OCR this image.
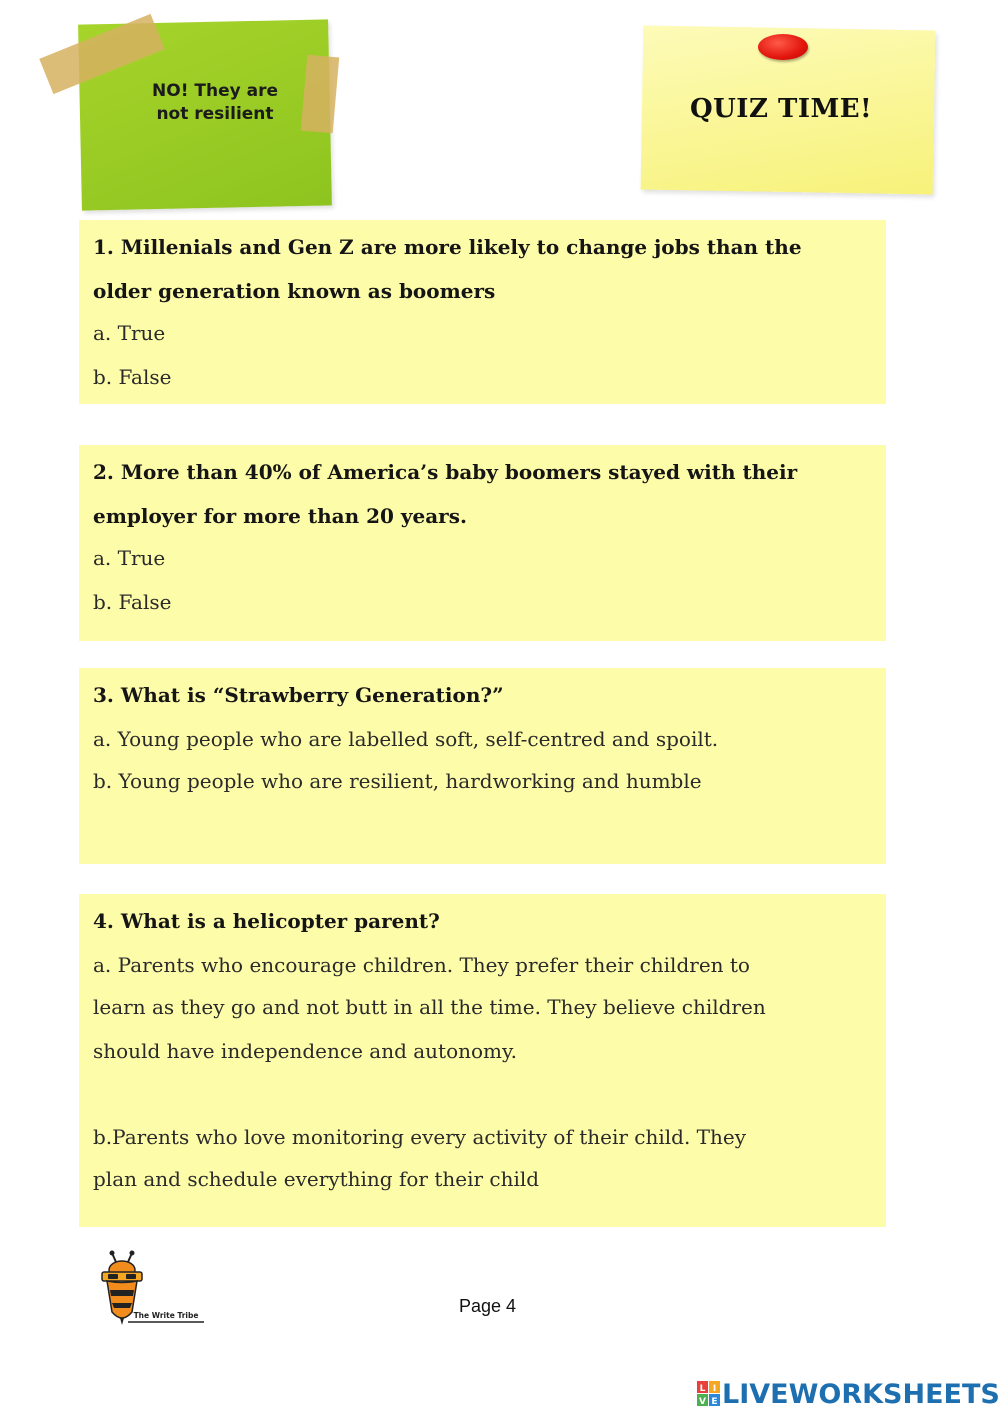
NO! They are
not resilient	QUIZ TIME!
1. Millenials and Gen Z are more likely to change jobs than the
older generation known as boomers
a. True
b. False
2. More than 40% of America’s baby boomers stayed with their
employer for more than 20 years.
a. True
b. False
3. What is “Strawberry Generation?”
a. Young people who are labelled soft, self-centred and spoilt.
b. Young people who are resilient, hardworking and humble
4. What is a helicopter parent?
a. Parents who encourage children. They prefer their children to
learn as they go and not butt in all the time. They believe children
should have independence and autonomy.
b.Parents who love monitoring every activity of their child. They
plan and schedule everything for their child
The Write Tribe	Page 4
L I
V E LIVEWORKSHEETS
